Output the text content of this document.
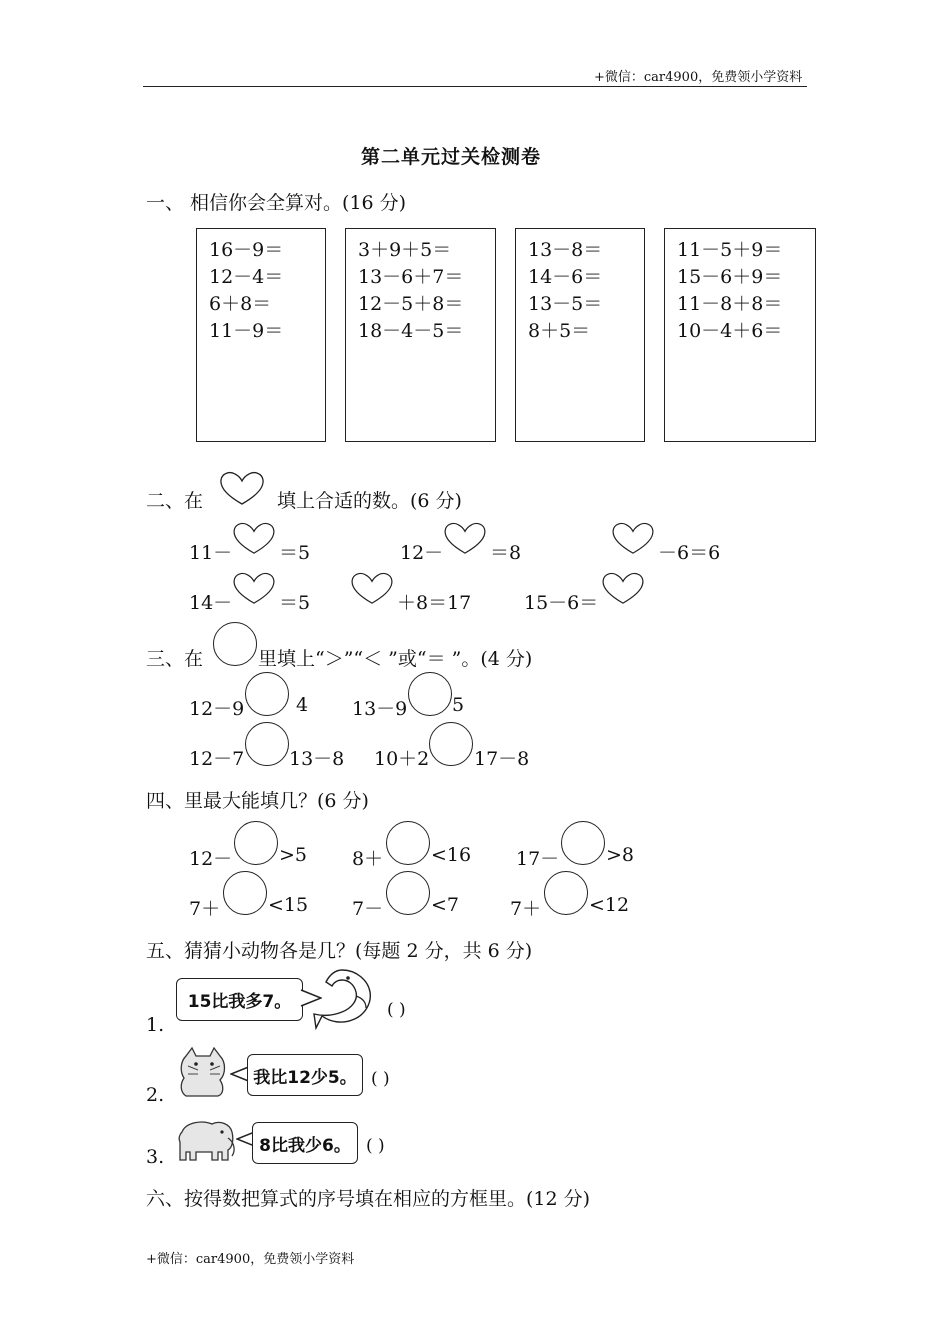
+微信：car4900，免费领小学资料
第二单元过关检测卷
一、 相信你会全算对。(16 分)
16－9＝
12－4＝
6＋8＝
11－9＝
3＋9＋5＝
13－6＋7＝
12－5＋8＝
18－4－5＝
13－8＝
14－6＝
13－5＝
8＋5＝
11－5＋9＝
15－6＋9＝
11－8＋8＝
10－4＋6＝
二、在	填上合适的数。(6 分)
11－ ＝5	12－ ＝8	－6＝6
14－ ＝5	＋8＝17	15－6＝
三、在	里填上“＞”“＜ ”或“＝ ”。(4 分)
12－9	4 13－9 5
12－7 13－8 10＋2 17－8
四、里最大能填几？(6 分)
12－ >5 8＋	<16 17－ >8
7＋	<15 7－	<7	7＋	<12
五、猜猜小动物各是几？(每题 2 分，共 6 分)
1.
15比我多7。	( )
2.
我比12少5。 ( )
3.
8比我少6。 ( )
六、按得数把算式的序号填在相应的方框里。(12 分)
+微信：car4900，免费领小学资料
